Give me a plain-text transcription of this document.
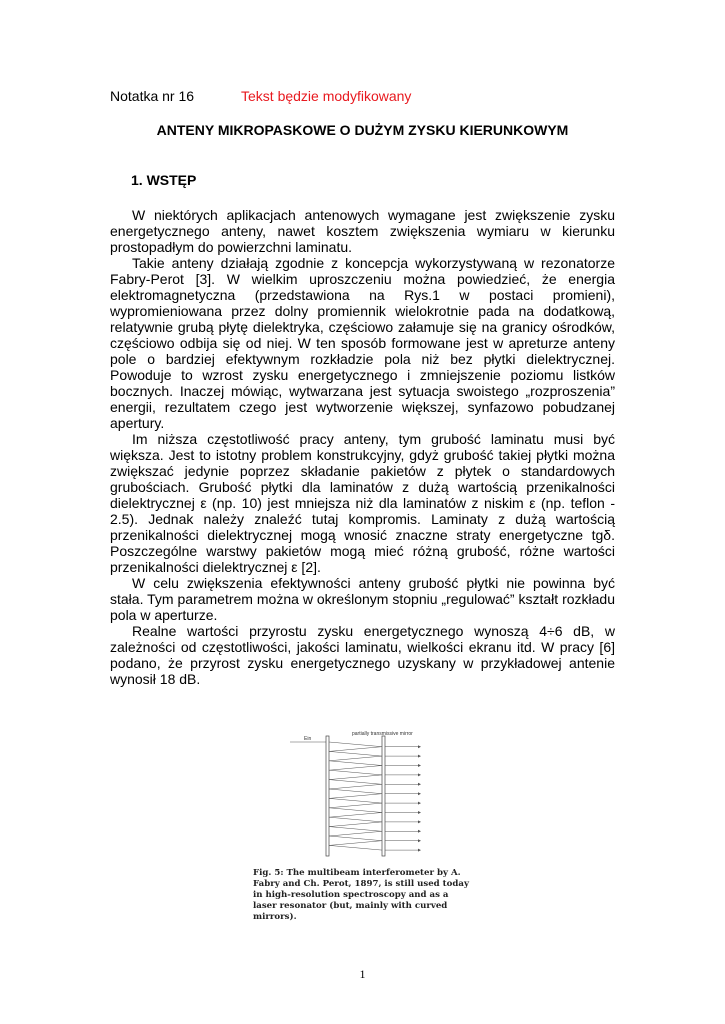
Notatka nr 16	Tekst będzie modyfikowany
ANTENY MIKROPASKOWE O DUŻYM ZYSKU KIERUNKOWYM
1. WSTĘP

W niektórych aplikacjach antenowych wymagane jest zwiększenie zysku energetycznego anteny, nawet kosztem zwiększenia wymiaru w kierunku prostopadłym do powierzchni laminatu.

Takie anteny działają zgodnie z koncepcja wykorzystywaną w rezonatorze Fabry-Perot [3]. W wielkim uproszczeniu można powiedzieć, że energia elektromagnetyczna (przedstawiona na Rys.1 w postaci promieni), wypromieniowana przez dolny promiennik wielokrotnie pada na dodatkową, relatywnie grubą płytę dielektryka, częściowo załamuje się na granicy ośrodków, częściowo odbija się od niej. W ten sposób formowane jest w apreturze anteny pole o bardziej efektywnym rozkładzie pola niż bez płytki dielektrycznej. Powoduje to wzrost zysku energetycznego i zmniejszenie poziomu listków bocznych. Inaczej mówiąc, wytwarzana jest sytuacja swoistego „rozproszenia” energii, rezultatem czego jest wytworzenie większej, synfazowo pobudzanej apertury.

Im niższa częstotliwość pracy anteny, tym grubość laminatu musi być większa. Jest to istotny problem konstrukcyjny, gdyż grubość takiej płytki można zwiększać jedynie poprzez składanie pakietów z płytek o standardowych grubościach. Grubość płytki dla laminatów z dużą wartością przenikalności dielektrycznej ε (np. 10) jest mniejsza niż dla laminatów z niskim ε (np. teflon - 2.5). Jednak należy znaleźć tutaj kompromis. Laminaty z dużą wartością przenikalności dielektrycznej mogą wnosić znaczne straty energetyczne tgδ. Poszczególne warstwy pakietów mogą mieć różną grubość, różne wartości przenikalności dielektrycznej ε [2].

W celu zwiększenia efektywności anteny grubość płytki nie powinna być stała. Tym parametrem można w określonym stopniu „regulować” kształt rozkładu pola w aperturze.

Realne wartości przyrostu zysku energetycznego wynoszą 4÷6 dB, w zależności od częstotliwości, jakości laminatu, wielkości ekranu itd. W pracy [6] podano, że przyrost zysku energetycznego uzyskany w przykładowej antenie wynosił 18 dB.

Ein
partially transmissive mirror
Fig. 5: The multibeam interferometer by A. Fabry and Ch. Perot, 1897, is still used today in high-resolution spectroscopy and as a laser resonator (but, mainly with curved mirrors).
1
